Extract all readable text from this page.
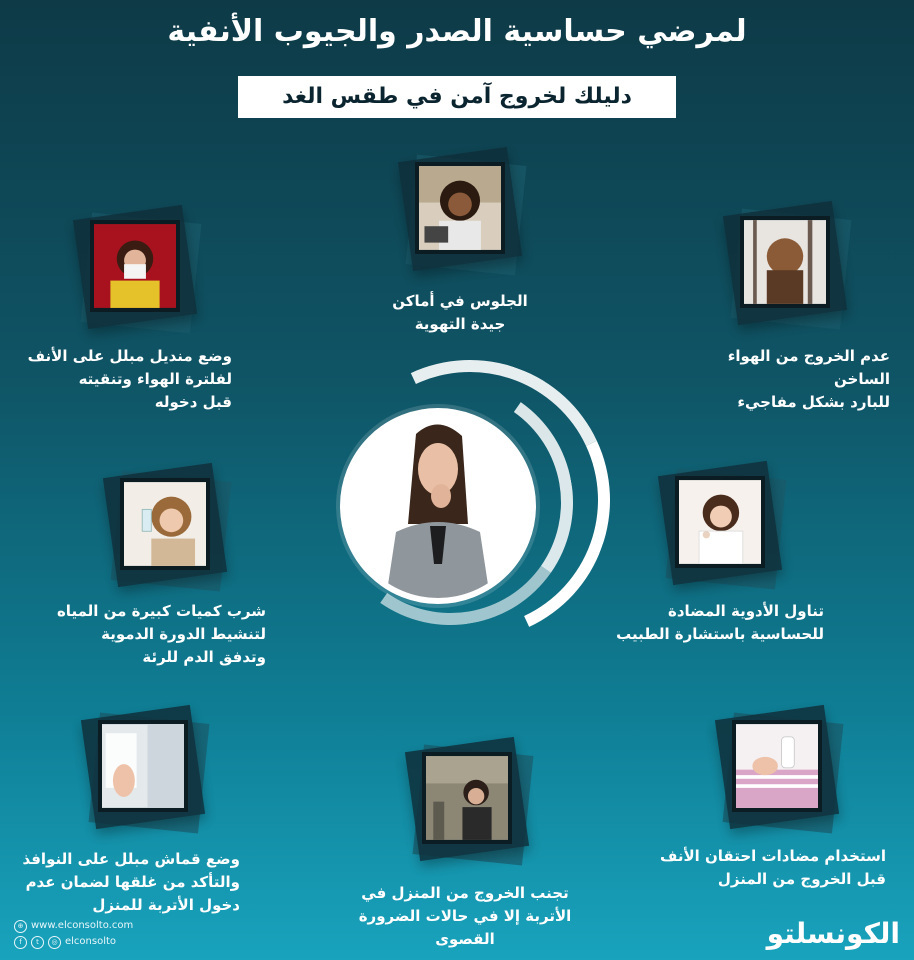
لمرضي حساسية الصدر والجيوب الأنفية
دليلك لخروج آمن في طقس الغد
الجلوس في أماكن
جيدة التهوية
وضع منديل مبلل على الأنف
لفلترة الهواء وتنقيته
قبل دخوله
عدم الخروج من الهواء الساخن
للبارد بشكل مفاجيء
شرب كميات كبيرة من المياه
لتنشيط الدورة الدموية
وتدفق الدم للرئة
تناول الأدوية المضادة
للحساسية باستشارة الطبيب
وضع قماش مبلل على النوافذ
والتأكد من غلقها لضمان عدم
دخول الأتربة للمنزل
تجنب الخروج من المنزل في
الأتربة إلا في حالات الضرورة
القصوى
استخدام مضادات احتقان الأنف
قبل الخروج من المنزل
⊕ www.elconsolto.com
f	t	◎ elconsolto	الكونسلتو
